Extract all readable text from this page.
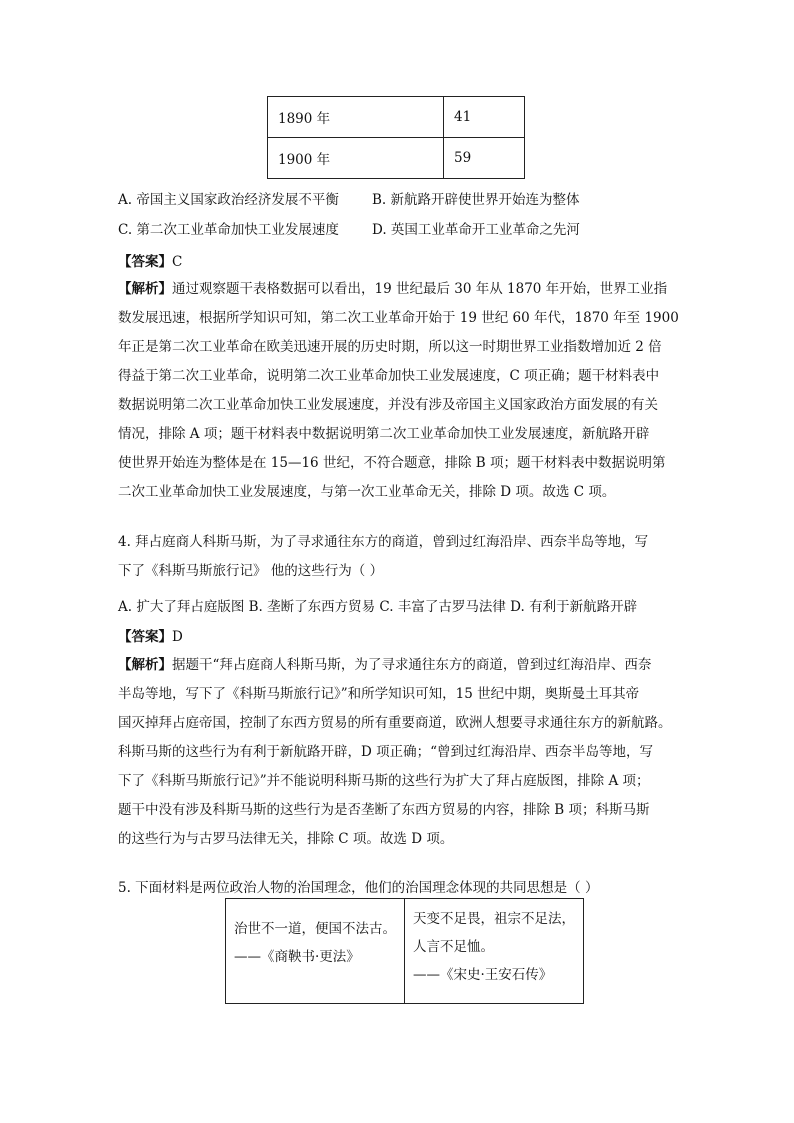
1890 年	41
1900 年	59
A. 帝国主义国家政治经济发展不平衡 B. 新航路开辟使世界开始连为整体
C. 第二次工业革命加快工业发展速度 D. 英国工业革命开工业革命之先河
【答案】C
【解析】通过观察题干表格数据可以看出，19 世纪最后 30 年从 1870 年开始，世界工业指
数发展迅速，根据所学知识可知，第二次工业革命开始于 19 世纪 60 年代，1870 年至 1900
年正是第二次工业革命在欧美迅速开展的历史时期，所以这一时期世界工业指数增加近 2 倍
得益于第二次工业革命，说明第二次工业革命加快工业发展速度，C 项正确；题干材料表中
数据说明第二次工业革命加快工业发展速度，并没有涉及帝国主义国家政治方面发展的有关
情况，排除 A 项；题干材料表中数据说明第二次工业革命加快工业发展速度，新航路开辟
使世界开始连为整体是在 15—16 世纪，不符合题意，排除 B 项；题干材料表中数据说明第
二次工业革命加快工业发展速度，与第一次工业革命无关，排除 D 项。故选 C 项。
4. 拜占庭商人科斯马斯，为了寻求通往东方的商道，曾到过红海沿岸、西奈半岛等地，写
下了《科斯马斯旅行记》 他的这些行为（ ）
A. 扩大了拜占庭版图 B. 垄断了东西方贸易 C. 丰富了古罗马法律 D. 有利于新航路开辟
【答案】D
【解析】据题干“拜占庭商人科斯马斯，为了寻求通往东方的商道，曾到过红海沿岸、西奈
半岛等地，写下了《科斯马斯旅行记》”和所学知识可知，15 世纪中期，奥斯曼土耳其帝
国灭掉拜占庭帝国，控制了东西方贸易的所有重要商道，欧洲人想要寻求通往东方的新航路。
科斯马斯的这些行为有利于新航路开辟，D 项正确；“曾到过红海沿岸、西奈半岛等地，写
下了《科斯马斯旅行记》”并不能说明科斯马斯的这些行为扩大了拜占庭版图，排除 A 项；
题干中没有涉及科斯马斯的这些行为是否垄断了东西方贸易的内容，排除 B 项；科斯马斯
的这些行为与古罗马法律无关，排除 C 项。故选 D 项。
5. 下面材料是两位政治人物的治国理念，他们的治国理念体现的共同思想是（ ）
治世不一道，便国不法古。
——《商鞅书·更法》

天变不足畏，祖宗不足法，
人言不足恤。
——《宋史·王安石传》
